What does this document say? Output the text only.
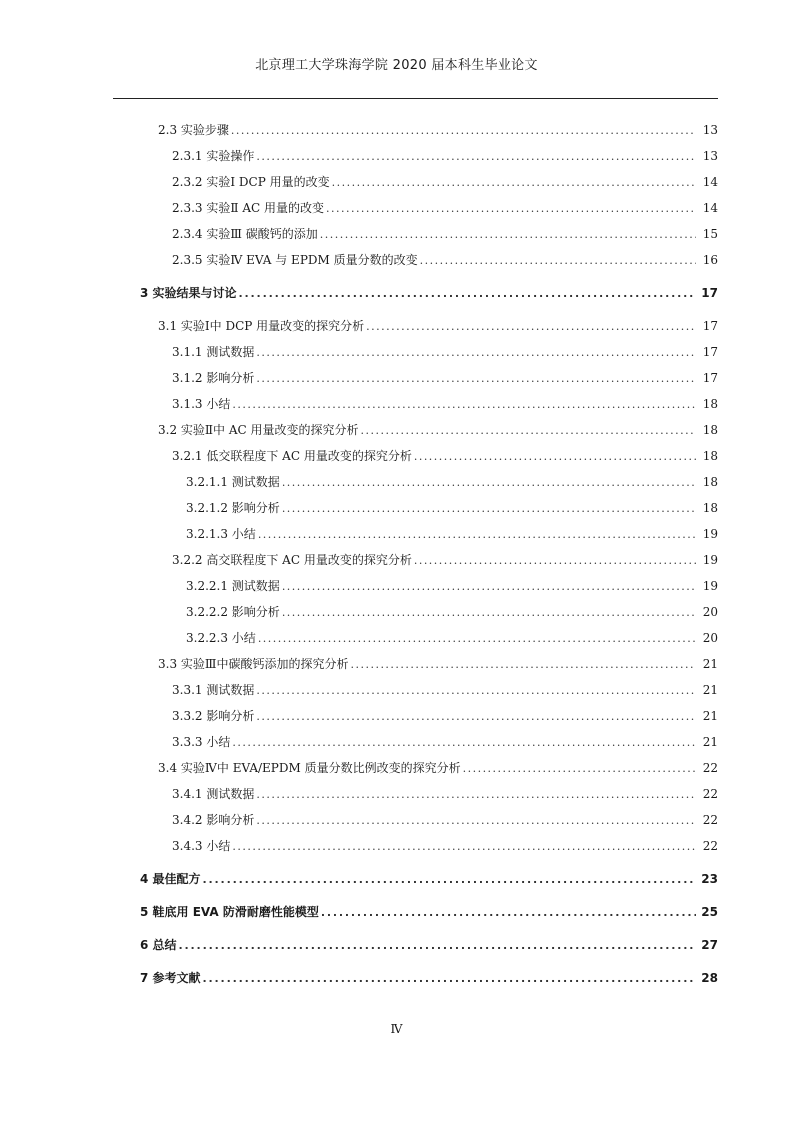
北京理工大学珠海学院 2020 届本科生毕业论文
2.3 实验步骤 . . .	13
2.3.1 实验操作 . . .	13
2.3.2 实验Ⅰ DCP 用量的改变 . . .	14
2.3.3 实验Ⅱ AC 用量的改变 . . .	14
2.3.4 实验Ⅲ 碳酸钙的添加 . . .	15
2.3.5 实验Ⅳ EVA 与 EPDM 质量分数的改变 . . .	16
3 实验结果与讨论 . . .	17
3.1 实验Ⅰ中 DCP 用量改变的探究分析 . . .	17
3.1.1 测试数据 . . .	17
3.1.2 影响分析 . . .	17
3.1.3 小结 . . .	18
3.2 实验Ⅱ中 AC 用量改变的探究分析 . . .	18
3.2.1 低交联程度下 AC 用量改变的探究分析 . . .	18
3.2.1.1 测试数据 . . .	18
3.2.1.2 影响分析 . . .	18
3.2.1.3 小结 . . .	19
3.2.2 高交联程度下 AC 用量改变的探究分析 . . .	19
3.2.2.1 测试数据 . . .	19
3.2.2.2 影响分析 . . .	20
3.2.2.3 小结 . . .	20
3.3 实验Ⅲ中碳酸钙添加的探究分析 . . .	21
3.3.1 测试数据 . . .	21
3.3.2 影响分析 . . .	21
3.3.3 小结 . . .	21
3.4 实验Ⅳ中 EVA/EPDM 质量分数比例改变的探究分析 . . .	22
3.4.1 测试数据 . . .	22
3.4.2 影响分析 . . .	22
3.4.3 小结 . . .	22
4 最佳配方 . . .	23
5 鞋底用 EVA 防滑耐磨性能模型 . . .	25
6 总结 . . .	27
7 参考文献 . . .	28
Ⅳ
